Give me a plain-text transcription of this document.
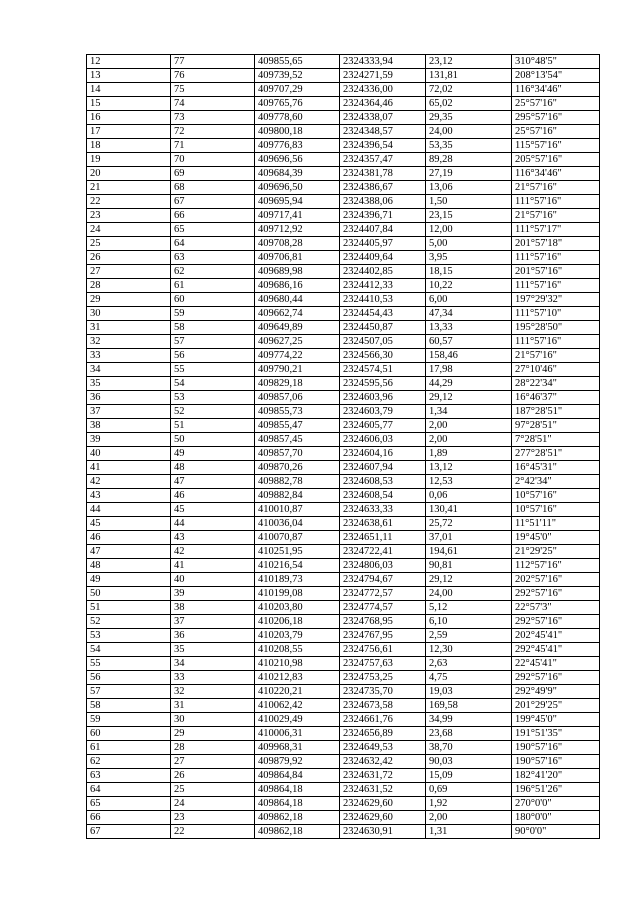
12	77	409855,65	2324333,94	23,12	310°48'5"
13	76	409739,52	2324271,59	131,81	208°13'54"
14	75	409707,29	2324336,00	72,02	116°34'46"
15	74	409765,76	2324364,46	65,02	25°57'16"
16	73	409778,60	2324338,07	29,35	295°57'16"
17	72	409800,18	2324348,57	24,00	25°57'16"
18	71	409776,83	2324396,54	53,35	115°57'16"
19	70	409696,56	2324357,47	89,28	205°57'16"
20	69	409684,39	2324381,78	27,19	116°34'46"
21	68	409696,50	2324386,67	13,06	21°57'16"
22	67	409695,94	2324388,06	1,50	111°57'16"
23	66	409717,41	2324396,71	23,15	21°57'16"
24	65	409712,92	2324407,84	12,00	111°57'17"
25	64	409708,28	2324405,97	5,00	201°57'18"
26	63	409706,81	2324409,64	3,95	111°57'16"
27	62	409689,98	2324402,85	18,15	201°57'16"
28	61	409686,16	2324412,33	10,22	111°57'16"
29	60	409680,44	2324410,53	6,00	197°29'32"
30	59	409662,74	2324454,43	47,34	111°57'10"
31	58	409649,89	2324450,87	13,33	195°28'50"
32	57	409627,25	2324507,05	60,57	111°57'16"
33	56	409774,22	2324566,30	158,46	21°57'16"
34	55	409790,21	2324574,51	17,98	27°10'46"
35	54	409829,18	2324595,56	44,29	28°22'34"
36	53	409857,06	2324603,96	29,12	16°46'37"
37	52	409855,73	2324603,79	1,34	187°28'51"
38	51	409855,47	2324605,77	2,00	97°28'51"
39	50	409857,45	2324606,03	2,00	7°28'51"
40	49	409857,70	2324604,16	1,89	277°28'51"
41	48	409870,26	2324607,94	13,12	16°45'31"
42	47	409882,78	2324608,53	12,53	2°42'34"
43	46	409882,84	2324608,54	0,06	10°57'16"
44	45	410010,87	2324633,33	130,41	10°57'16"
45	44	410036,04	2324638,61	25,72	11°51'11"
46	43	410070,87	2324651,11	37,01	19°45'0"
47	42	410251,95	2324722,41	194,61	21°29'25"
48	41	410216,54	2324806,03	90,81	112°57'16"
49	40	410189,73	2324794,67	29,12	202°57'16"
50	39	410199,08	2324772,57	24,00	292°57'16"
51	38	410203,80	2324774,57	5,12	22°57'3"
52	37	410206,18	2324768,95	6,10	292°57'16"
53	36	410203,79	2324767,95	2,59	202°45'41"
54	35	410208,55	2324756,61	12,30	292°45'41"
55	34	410210,98	2324757,63	2,63	22°45'41"
56	33	410212,83	2324753,25	4,75	292°57'16"
57	32	410220,21	2324735,70	19,03	292°49'9"
58	31	410062,42	2324673,58	169,58	201°29'25"
59	30	410029,49	2324661,76	34,99	199°45'0"
60	29	410006,31	2324656,89	23,68	191°51'35"
61	28	409968,31	2324649,53	38,70	190°57'16"
62	27	409879,92	2324632,42	90,03	190°57'16"
63	26	409864,84	2324631,72	15,09	182°41'20"
64	25	409864,18	2324631,52	0,69	196°51'26"
65	24	409864,18	2324629,60	1,92	270°0'0"
66	23	409862,18	2324629,60	2,00	180°0'0"
67	22	409862,18	2324630,91	1,31	90°0'0"
